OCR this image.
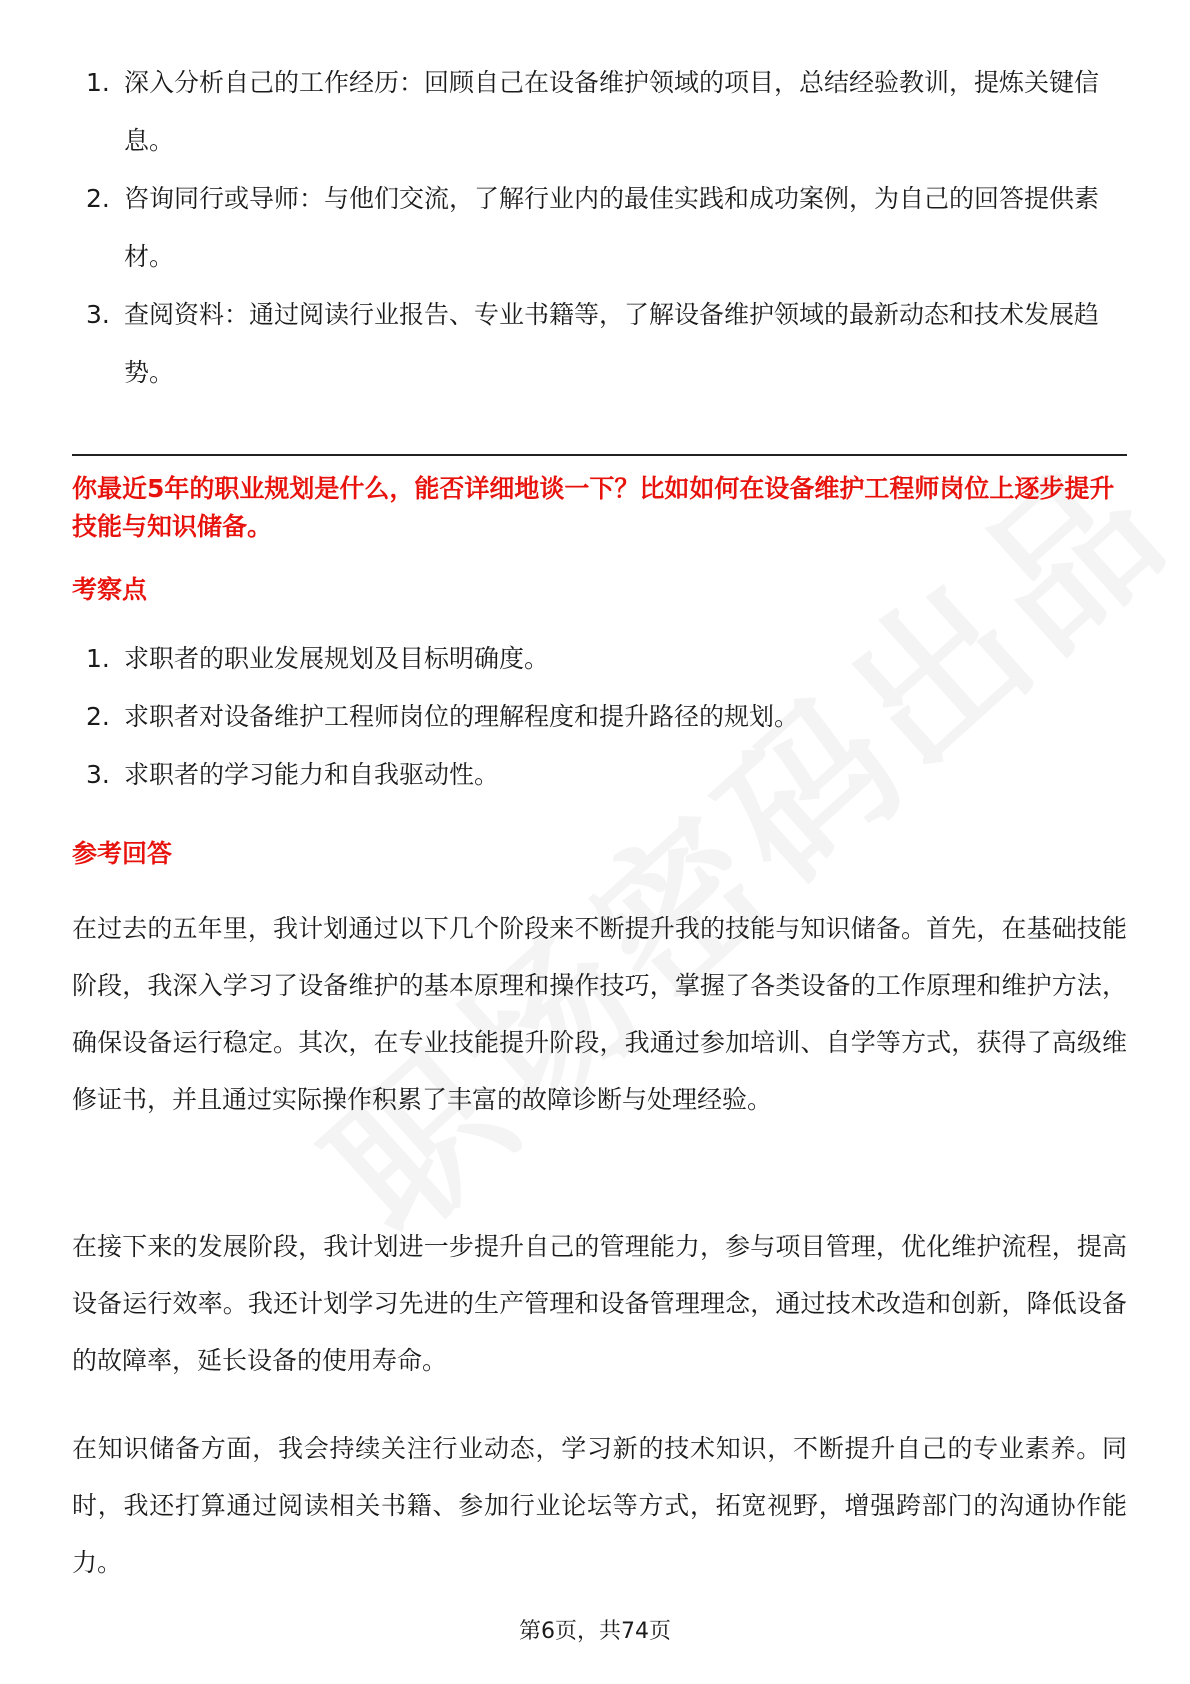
1. 深入分析自己的工作经历：回顾自己在设备维护领域的项目，总结经验教训，提炼关键信息。
2. 咨询同行或导师：与他们交流，了解行业内的最佳实践和成功案例，为自己的回答提供素材。
3. 查阅资料：通过阅读行业报告、专业书籍等，了解设备维护领域的最新动态和技术发展趋势。
你最近5年的职业规划是什么，能否详细地谈一下？比如如何在设备维护工程师岗位上逐步提升技能与知识储备。
考察点
1. 求职者的职业发展规划及目标明确度。
2. 求职者对设备维护工程师岗位的理解程度和提升路径的规划。
3. 求职者的学习能力和自我驱动性。
参考回答

在过去的五年里，我计划通过以下几个阶段来不断提升我的技能与知识储备。首先，在基础技能阶段，我深入学习了设备维护的基本原理和操作技巧，掌握了各类设备的工作原理和维护方法，确保设备运行稳定。其次，在专业技能提升阶段，我通过参加培训、自学等方式，获得了高级维修证书，并且通过实际操作积累了丰富的故障诊断与处理经验。

在接下来的发展阶段，我计划进一步提升自己的管理能力，参与项目管理，优化维护流程，提高设备运行效率。我还计划学习先进的生产管理和设备管理理念，通过技术改造和创新，降低设备的故障率，延长设备的使用寿命。

在知识储备方面，我会持续关注行业动态，学习新的技术知识，不断提升自己的专业素养。同时，我还打算通过阅读相关书籍、参加行业论坛等方式，拓宽视野，增强跨部门的沟通协作能力。

第6页，共74页
